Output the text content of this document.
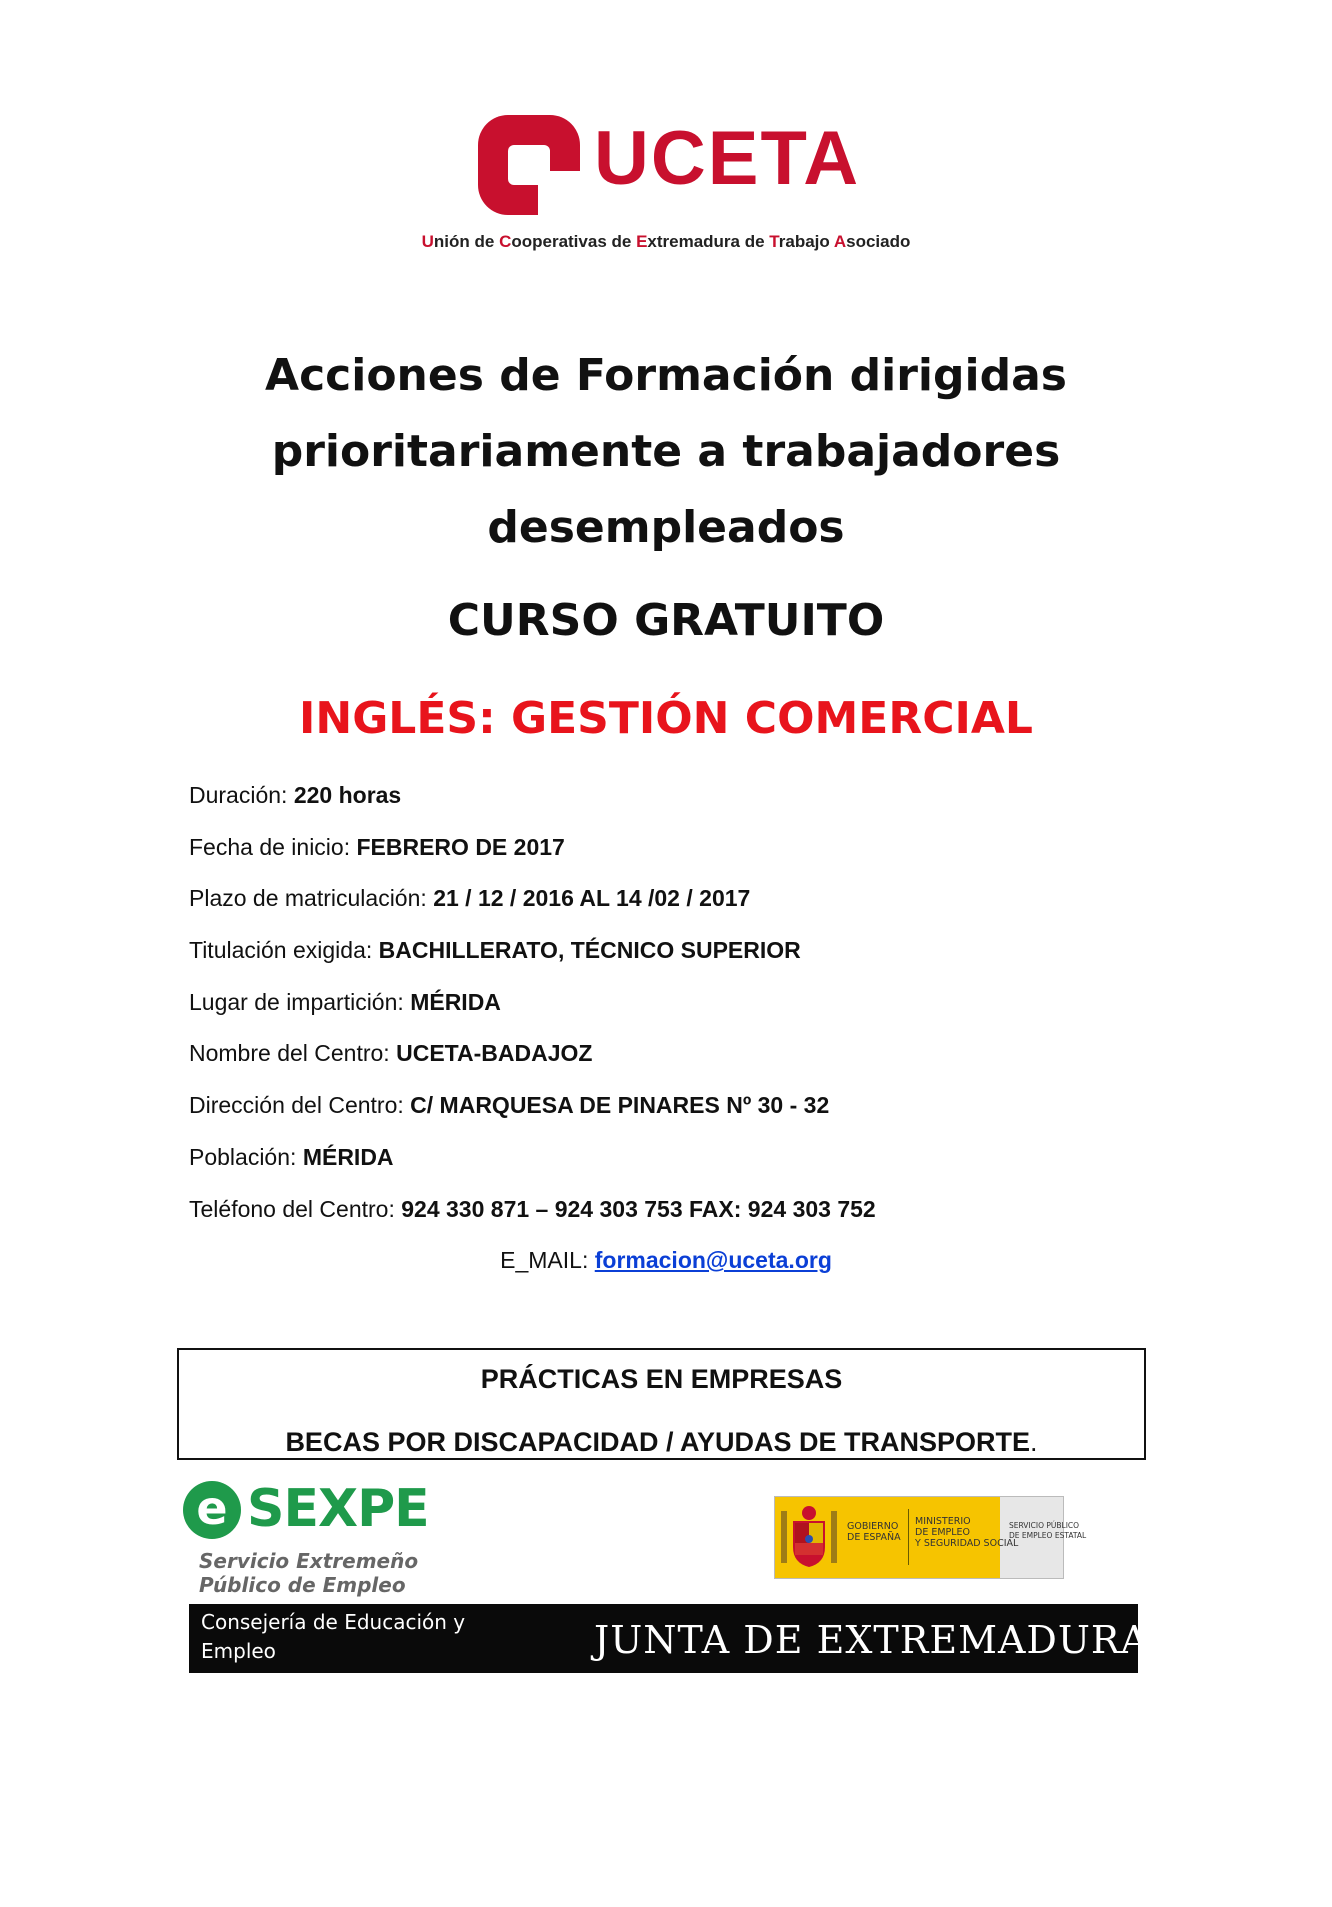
UCETA
Unión de Cooperativas de Extremadura de Trabajo Asociado
Acciones de Formación dirigidas
prioritariamente a trabajadores
desempleados
CURSO GRATUITO
INGLÉS: GESTIÓN COMERCIAL
Duración: 220 horas
Fecha de inicio: FEBRERO DE 2017
Plazo de matriculación: 21 / 12 / 2016 AL 14 /02 / 2017
Titulación exigida: BACHILLERATO, TÉCNICO SUPERIOR
Lugar de impartición: MÉRIDA
Nombre del Centro: UCETA-BADAJOZ
Dirección del Centro: C/ MARQUESA DE PINARES Nº 30 - 32
Población: MÉRIDA
Teléfono del Centro: 924 330 871 – 924 303 753 FAX: 924 303 752
E_MAIL: formacion@uceta.org
PRÁCTICAS EN EMPRESAS
BECAS POR DISCAPACIDAD / AYUDAS DE TRANSPORTE.
e SEXPE
Servicio Extremeño
Público de Empleo
GOBIERNO
DE ESPAÑA
MINISTERIO
DE EMPLEO
Y SEGURIDAD SOCIAL
SERVICIO PÚBLICO
DE EMPLEO ESTATAL
Consejería de Educación y
Empleo	JUNTA DE EXTREMADURA
